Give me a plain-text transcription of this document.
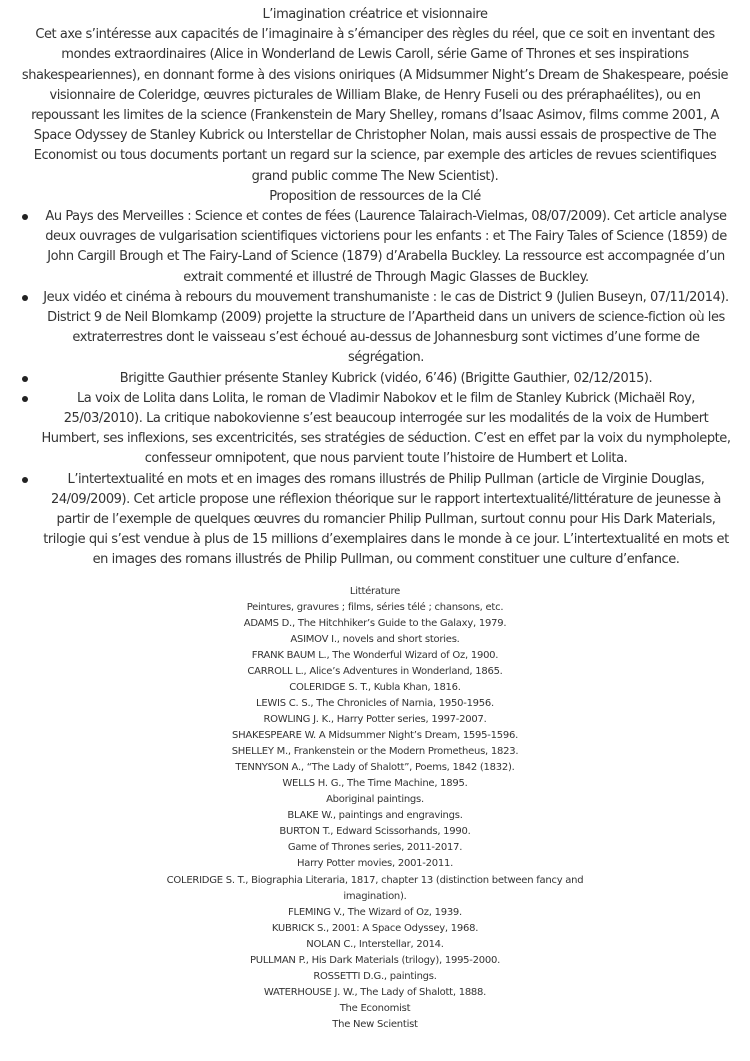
L’imagination créatrice et visionnaire

Cet axe s’intéresse aux capacités de l’imaginaire à s’émanciper des règles du réel, que ce soit en inventant des mondes extraordinaires (Alice in Wonderland de Lewis Caroll, série Game of Thrones et ses inspirations shakespeariennes), en donnant forme à des visions oniriques (A Midsummer Night’s Dream de Shakespeare, poésie visionnaire de Coleridge, œuvres picturales de William Blake, de Henry Fuseli ou des préraphaélites), ou en repoussant les limites de la science (Frankenstein de Mary Shelley, romans d’Isaac Asimov, films comme 2001, A Space Odyssey de Stanley Kubrick ou Interstellar de Christopher Nolan, mais aussi essais de prospective de The Economist ou tous documents portant un regard sur la science, par exemple des articles de revues scientifiques grand public comme The New Scientist).

Proposition de ressources de la Clé

Au Pays des Merveilles : Science et contes de fées (Laurence Talairach-Vielmas, 08/07/2009). Cet article analyse deux ouvrages de vulgarisation scientifiques victoriens pour les enfants : et The Fairy Tales of Science (1859) de John Cargill Brough et The Fairy-Land of Science (1879) d’Arabella Buckley. La ressource est accompagnée d’un extrait commenté et illustré de Through Magic Glasses de Buckley.
Jeux vidéo et cinéma à rebours du mouvement transhumaniste : le cas de District 9 (Julien Buseyn, 07/11/2014). District 9 de Neil Blomkamp (2009) projette la structure de l’Apartheid dans un univers de science-fiction où les extraterrestres dont le vaisseau s’est échoué au-dessus de Johannesburg sont victimes d’une forme de ségrégation.
Brigitte Gauthier présente Stanley Kubrick (vidéo, 6’46) (Brigitte Gauthier, 02/12/2015).
La voix de Lolita dans Lolita, le roman de Vladimir Nabokov et le film de Stanley Kubrick (Michaël Roy, 25/03/2010). La critique nabokovienne s’est beaucoup interrogée sur les modalités de la voix de Humbert Humbert, ses inflexions, ses excentricités, ses stratégies de séduction. C’est en effet par la voix du nympholepte, confesseur omnipotent, que nous parvient toute l’histoire de Humbert et Lolita.
L’intertextualité en mots et en images des romans illustrés de Philip Pullman (article de Virginie Douglas, 24/09/2009). Cet article propose une réflexion théorique sur le rapport intertextualité/littérature de jeunesse à partir de l’exemple de quelques œuvres du romancier Philip Pullman, surtout connu pour His Dark Materials, trilogie qui s’est vendue à plus de 15 millions d’exemplaires dans le monde à ce jour. L’intertextualité en mots et en images des romans illustrés de Philip Pullman, ou comment constituer une culture d’enfance.

Littérature

Peintures, gravures ; films, séries télé ; chansons, etc.

ADAMS D., The Hitchhiker’s Guide to the Galaxy, 1979.

ASIMOV I., novels and short stories.

FRANK BAUM L., The Wonderful Wizard of Oz, 1900.

CARROLL L., Alice’s Adventures in Wonderland, 1865.

COLERIDGE S. T., Kubla Khan, 1816.

LEWIS C. S., The Chronicles of Narnia, 1950-1956.

ROWLING J. K., Harry Potter series, 1997-2007.

SHAKESPEARE W. A Midsummer Night’s Dream, 1595-1596.

SHELLEY M., Frankenstein or the Modern Prometheus, 1823.

TENNYSON A., “The Lady of Shalott”, Poems, 1842 (1832).

WELLS H. G., The Time Machine, 1895.

Aboriginal paintings.

BLAKE W., paintings and engravings.

BURTON T., Edward Scissorhands, 1990.

Game of Thrones series, 2011-2017.

Harry Potter movies, 2001-2011.

COLERIDGE S. T., Biographia Literaria, 1817, chapter 13 (distinction between fancy and imagination).

FLEMING V., The Wizard of Oz, 1939.

KUBRICK S., 2001: A Space Odyssey, 1968.

NOLAN C., Interstellar, 2014.

PULLMAN P., His Dark Materials (trilogy), 1995-2000.

ROSSETTI D.G., paintings.

WATERHOUSE J. W., The Lady of Shalott, 1888.

The Economist

The New Scientist
